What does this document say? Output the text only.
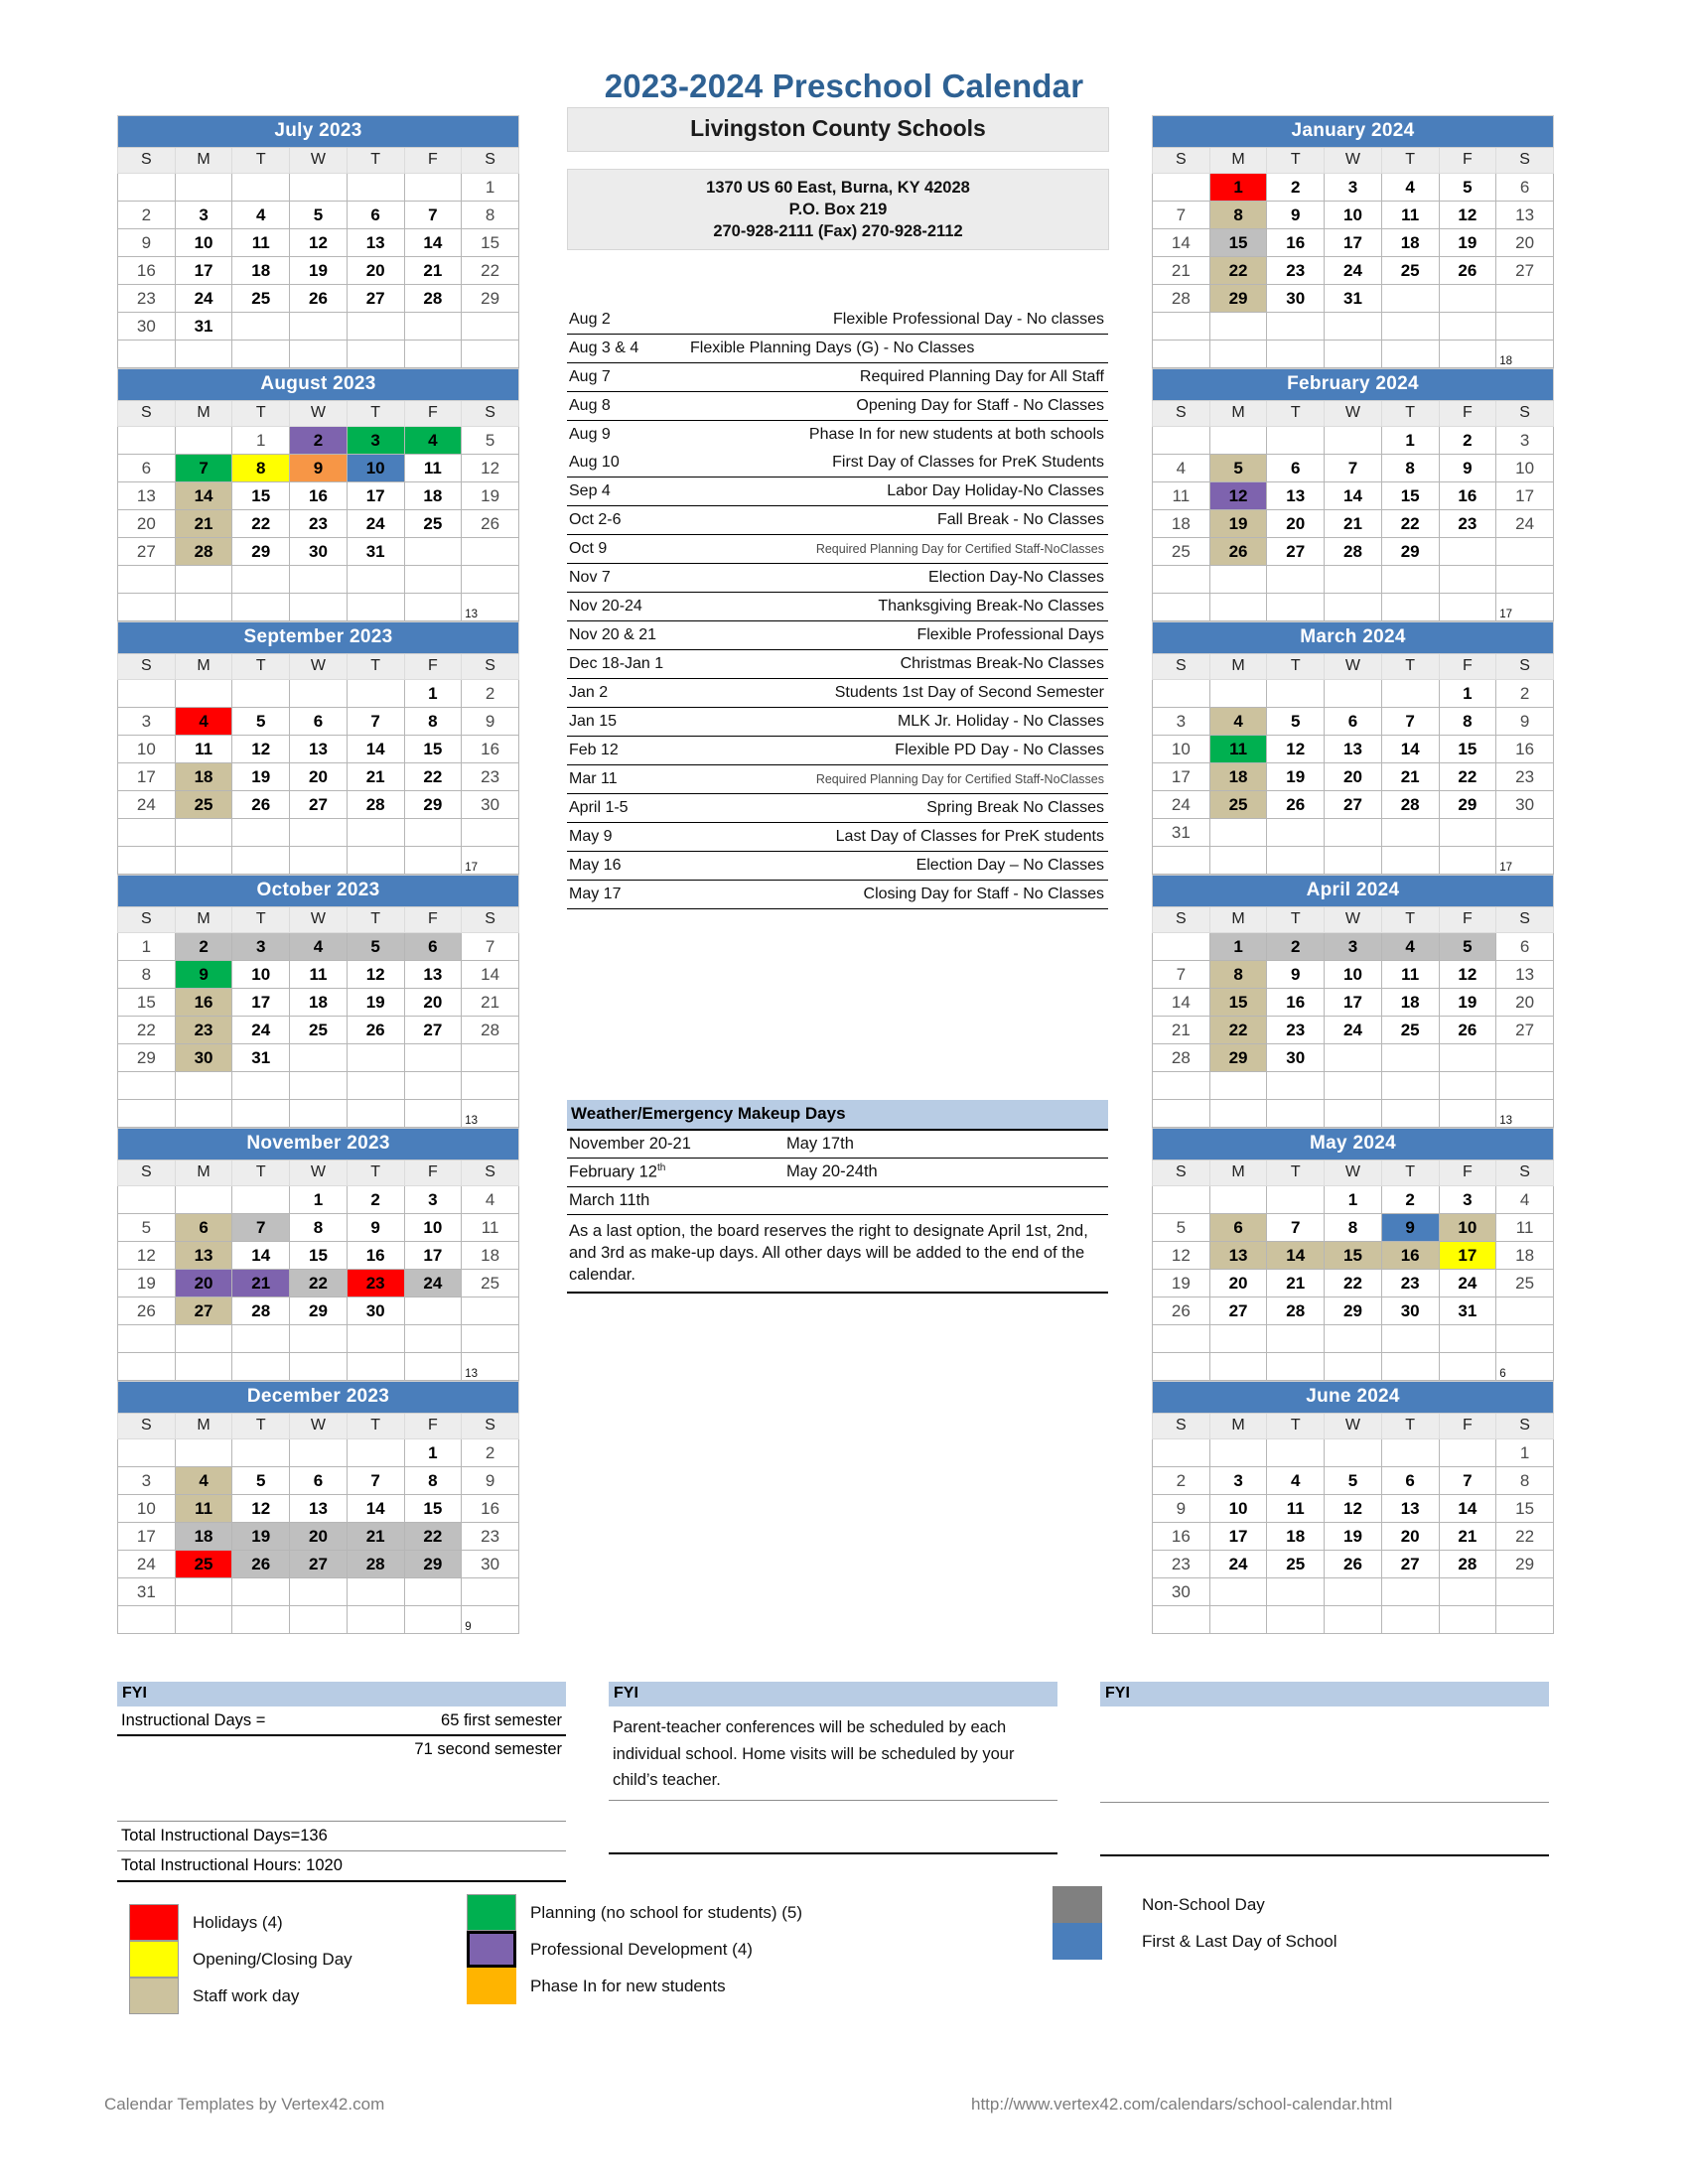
2023-2024 Preschool Calendar
Livingston County Schools
1370 US 60 East, Burna, KY 42028
P.O. Box 219
270-928-2111 (Fax) 270-928-2112
July 2023						
S	M	T	W	T	F	S
						1
2	3	4	5	6	7	8
9	10	11	12	13	14	15
16	17	18	19	20	21	22
23	24	25	26	27	28	29
30	31					

August 2023						
S	M	T	W	T	F	S
		1	2	3	4	5
6	7	8	9	10	11	12
13	14	15	16	17	18	19
20	21	22	23	24	25	26
27	28	29	30	31		

						13
September 2023						
S	M	T	W	T	F	S
					1	2
3	4	5	6	7	8	9
10	11	12	13	14	15	16
17	18	19	20	21	22	23
24	25	26	27	28	29	30

						17
October 2023						
S	M	T	W	T	F	S
1	2	3	4	5	6	7
8	9	10	11	12	13	14
15	16	17	18	19	20	21
22	23	24	25	26	27	28
29	30	31				

						13
November 2023						
S	M	T	W	T	F	S
			1	2	3	4
5	6	7	8	9	10	11
12	13	14	15	16	17	18
19	20	21	22	23	24	25
26	27	28	29	30		

						13
December 2023						
S	M	T	W	T	F	S
					1	2
3	4	5	6	7	8	9
10	11	12	13	14	15	16
17	18	19	20	21	22	23
24	25	26	27	28	29	30
31						
						9
January 2024						
S	M	T	W	T	F	S
	1	2	3	4	5	6
7	8	9	10	11	12	13
14	15	16	17	18	19	20
21	22	23	24	25	26	27
28	29	30	31			

						18
February 2024						
S	M	T	W	T	F	S
				1	2	3
4	5	6	7	8	9	10
11	12	13	14	15	16	17
18	19	20	21	22	23	24
25	26	27	28	29		

						17
March 2024						
S	M	T	W	T	F	S
					1	2
3	4	5	6	7	8	9
10	11	12	13	14	15	16
17	18	19	20	21	22	23
24	25	26	27	28	29	30
31						
						17
April 2024						
S	M	T	W	T	F	S
	1	2	3	4	5	6
7	8	9	10	11	12	13
14	15	16	17	18	19	20
21	22	23	24	25	26	27
28	29	30				

						13
May 2024						
S	M	T	W	T	F	S
			1	2	3	4
5	6	7	8	9	10	11
12	13	14	15	16	17	18
19	20	21	22	23	24	25
26	27	28	29	30	31	

						6
June 2024						
S	M	T	W	T	F	S
						1
2	3	4	5	6	7	8
9	10	11	12	13	14	15
16	17	18	19	20	21	22
23	24	25	26	27	28	29
30						

Aug 2	Flexible Professional Day - No classes
Aug 3 & 4	Flexible Planning Days (G) - No Classes
Aug 7	Required Planning Day for All Staff
Aug 8	Opening Day for Staff - No Classes
Aug 9	Phase In for new students at both schools
Aug 10	First Day of Classes for PreK Students
Sep 4	Labor Day Holiday-No Classes
Oct 2-6	Fall Break - No Classes
Oct 9	Required Planning Day for Certified Staff-NoClasses
Nov 7	Election Day-No Classes
Nov 20-24	Thanksgiving Break-No Classes
Nov 20 & 21	Flexible Professional Days
Dec 18-Jan 1	Christmas Break-No Classes
Jan 2	Students 1st Day of Second Semester
Jan 15	MLK Jr. Holiday - No Classes
Feb 12	Flexible PD Day - No Classes
Mar 11	Required Planning Day for Certified Staff-NoClasses
April 1-5	Spring Break No Classes
May 9	Last Day of Classes for PreK students
May 16	Election Day – No Classes
May 17	Closing Day for Staff - No Classes
Weather/Emergency Makeup Days
November 20-21	May 17th
February 12th	May 20-24th
March 11th	
As a last option, the board reserves the right to designate April 1st, 2nd, and 3rd as make-up days. All other days will be added to the end of the calendar.
FYI
Instructional Days =	65 first semester
71 second semester
Total Instructional Days=136
Total Instructional Hours: 1020
FYI
Parent-teacher conferences will be scheduled by each individual school. Home visits will be scheduled by your child’s teacher.
FYI
Holidays (4)
Opening/Closing Day
Staff work day
Planning (no school for students) (5)
Professional Development (4)
Phase In for new students
Non-School Day
First & Last Day of School
Calendar Templates by Vertex42.com	http://www.vertex42.com/calendars/school-calendar.html
